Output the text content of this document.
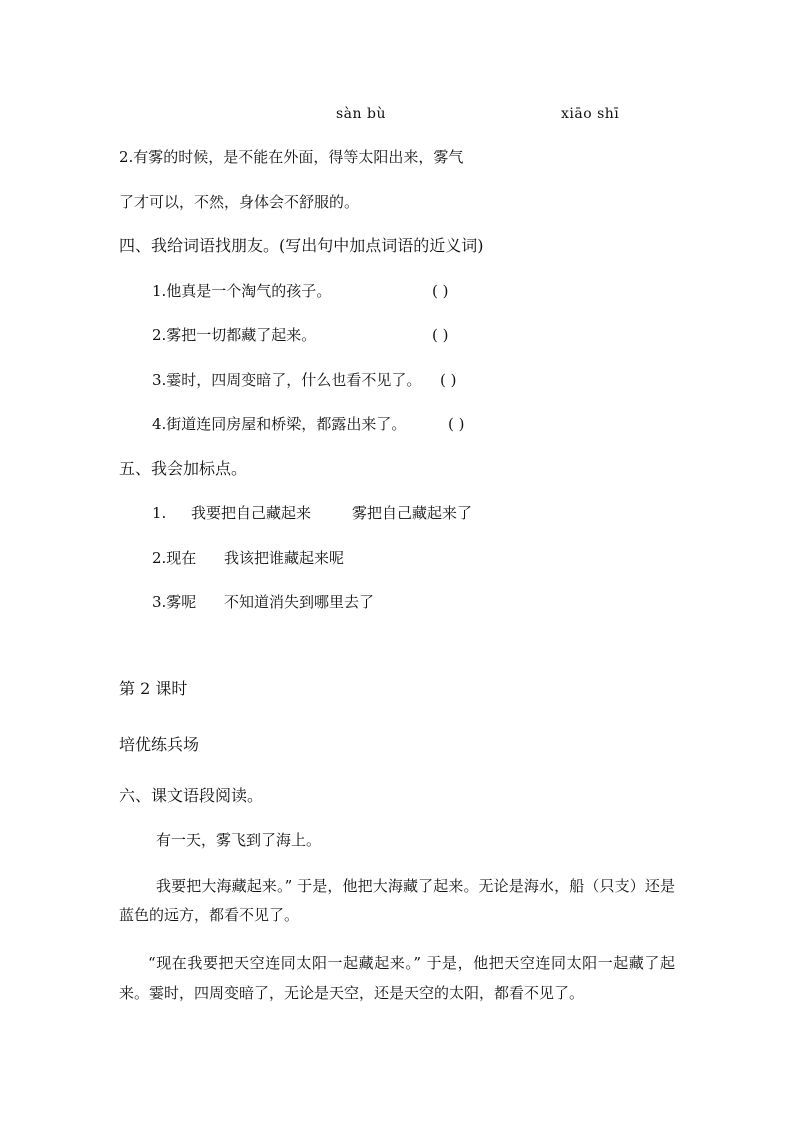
sàn bù	xiāo shī
2.有雾的时候，是不能在外面，得等太阳出来，雾气
了才可以，不然，身体会不舒服的。
四、我给词语找朋友。(写出句中加点词语的近义词)
1.他真是一个淘气的孩子。	( )
2.雾把一切都藏了起来。	( )
3.霎时，四周变暗了，什么也看不见了。 ( )
4.街道连同房屋和桥梁，都露出来了。	( )
五、我会加标点。
1. 我要把自己藏起来	雾把自己藏起来了
2.现在 我该把谁藏起来呢
3.雾呢 不知道消失到哪里去了
第 2 课时
培优练兵场
六、课文语段阅读。
有一天，雾飞到了海上。
我要把大海藏起来。” 于是，他把大海藏了起来。无论是海水，船（只支）还是蓝色的远方，都看不见了。
“现在我要把天空连同太阳一起藏起来。” 于是，他把天空连同太阳一起藏了起来。霎时，四周变暗了，无论是天空，还是天空的太阳，都看不见了。
